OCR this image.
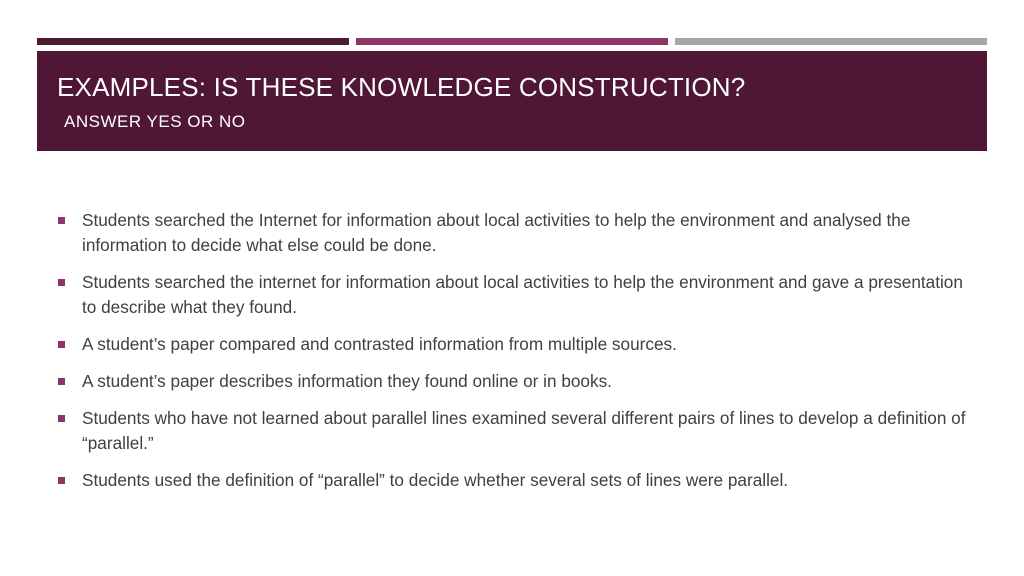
EXAMPLES: IS THESE KNOWLEDGE CONSTRUCTION?
ANSWER YES OR NO
Students searched the Internet for information about local activities to help the environment and analysed the information to decide what else could be done.
Students searched the internet for information about local activities to help the environment and gave a presentation to describe what they found.
A student’s paper compared and contrasted information from multiple sources.
A student’s paper describes information they found online or in books.
Students who have not learned about parallel lines examined several different pairs of lines to develop a definition of “parallel.”
Students used the definition of “parallel” to decide whether several sets of lines were parallel.
